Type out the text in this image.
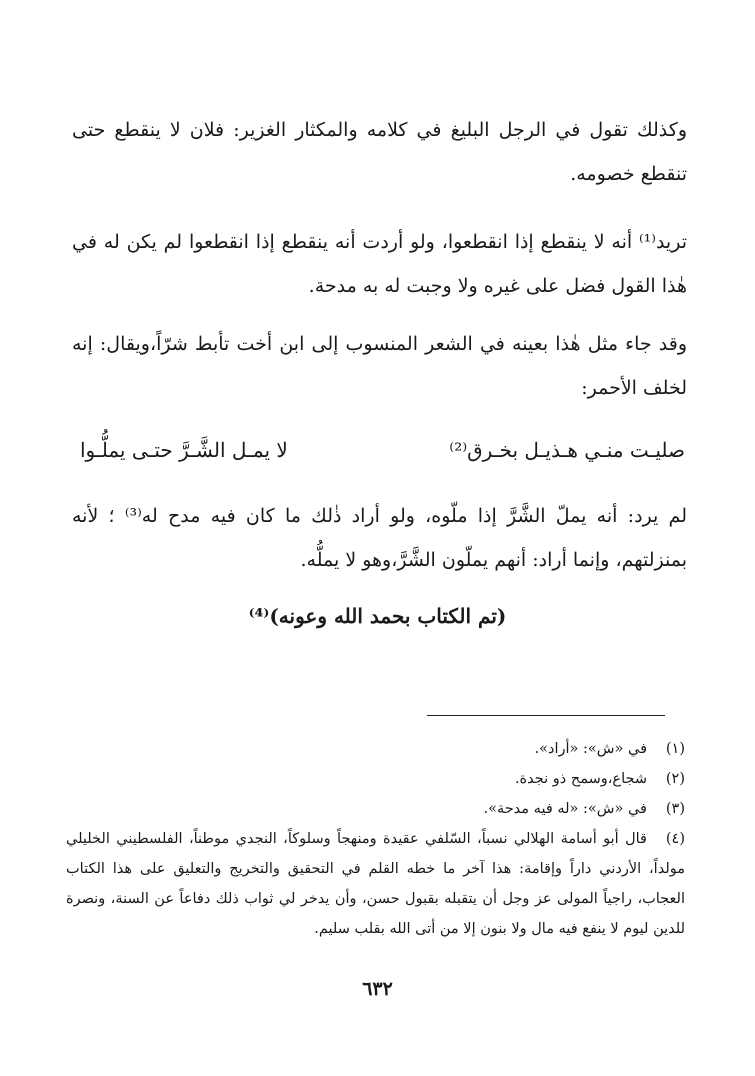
وكذلك تقول في الرجل البليغ في كلامه والمكثار الغزير: فلان لا ينقطع حتى تنقطع خصومه.
تريد⁽¹⁾ أنه لا ينقطع إذا انقطعوا، ولو أردت أنه ينقطع إذا انقطعوا لم يكن له في هٰذا القول فضل على غيره ولا وجبت له به مدحة.
وقد جاء مثل هٰذا بعينه في الشعر المنسوب إلى ابن أخت تأبط شرّاً،ويقال: إنه لخلف الأحمر:
صليـت منـي هـذيـل بخـرق⁽²⁾
لا يمـل الشَّـرَّ حتـى يملُّـوا
لم يرد: أنه يملّ الشَّرَّ إذا ملّوه، ولو أراد ذٰلك ما كان فيه مدح له⁽³⁾ ؛ لأنه بمنزلتهم، وإنما أراد: أنهم يملّون الشَّرَّ،وهو لا يملُّه.
(تم الكتاب بحمد الله وعونه)⁽⁴⁾
(١)في «ش»: «أراد».
(٢)شجاع،وسمح ذو نجدة.
(٣)في «ش»: «له فيه مدحة».
(٤)قال أبو أسامة الهلالي نسباً، السّلفي عقيدة ومنهجاً وسلوكاً، النجدي موطناً، الفلسطيني الخليلي مولداً، الأردني داراً وإقامة: هذا آخر ما خطه القلم في التحقيق والتخريج والتعليق على هذا الكتاب العجاب، راجياً المولى عز وجل أن يتقبله بقبول حسن، وأن يدخر لي ثواب ذلك دفاعاً عن السنة، ونصرة للدين ليوم لا ينفع فيه مال ولا بنون إلا من أتى الله بقلب سليم.
٦٣٢
